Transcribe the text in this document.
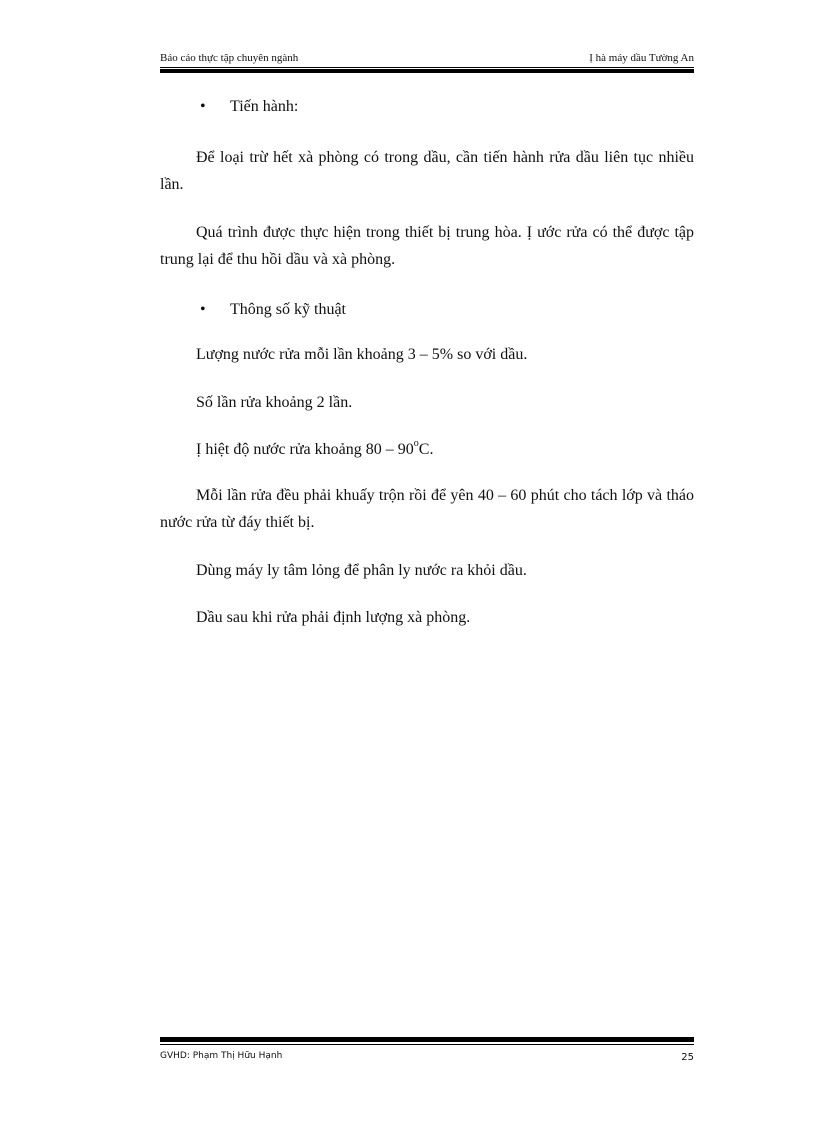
Báo cáo thực tập chuyên ngành	Ị hà máy dầu Tường An
• Tiến hành:

Để loại trừ hết xà phòng có trong dầu, cần tiến hành rửa dầu liên tục nhiều lần.

Quá trình được thực hiện trong thiết bị trung hòa. Ị ước rửa có thể được tập trung lại để thu hồi dầu và xà phòng.

• Thông số kỹ thuật
Lượng nước rửa mỗi lần khoảng 3 – 5% so với dầu.
Số lần rửa khoảng 2 lần.
Ị hiệt độ nước rửa khoảng 80 – 90$^o$C.

Mỗi lần rửa đều phải khuấy trộn rồi để yên 40 – 60 phút cho tách lớp và tháo nước rửa từ đáy thiết bị.

Dùng máy ly tâm lỏng để phân ly nước ra khỏi dầu.
Dầu sau khi rửa phải định lượng xà phòng.
GVHD: Phạm Thị Hữu Hạnh	25
